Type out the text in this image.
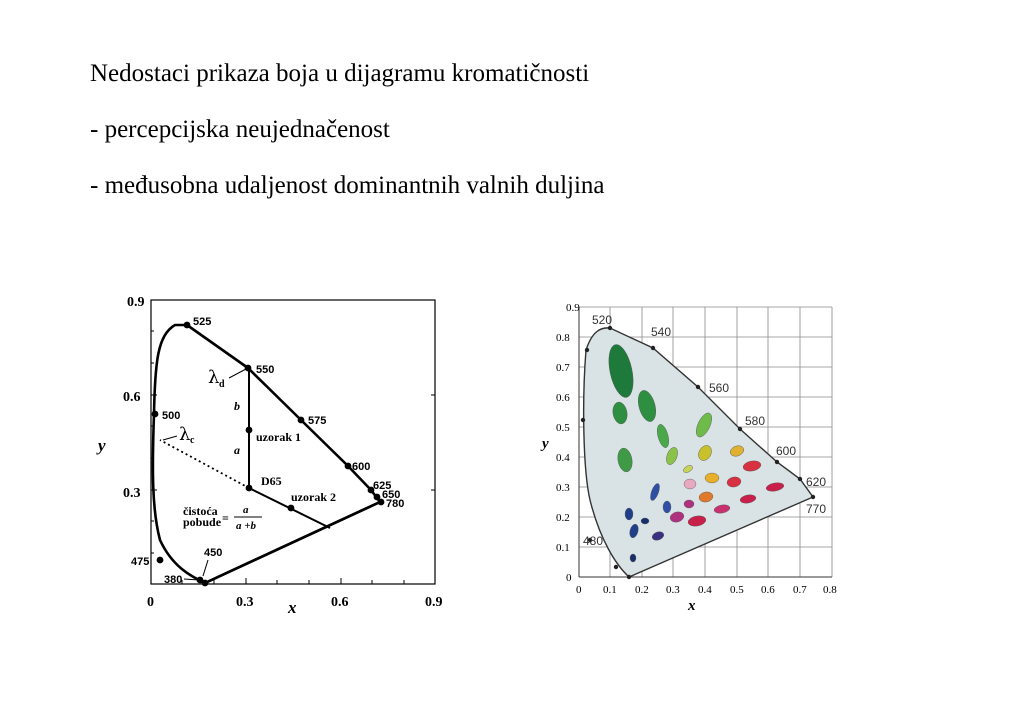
Nedostaci prikaza boja u dijagramu kromatičnosti
- percepcijska neujednačenost
- međusobna udaljenost dominantnih valnih duljina
0.9
0.6
0.3
0	0.3	0.6	0.9
x
y
525
550
575
500
600
625
650
780
475
450
380
λ d
λ c
b
a
uzorak 1
uzorak 2
D65
čistoća
pobude =
a
a +b
0.9
0.8
0.7
0.6
0.5
0.4
0.3
0.2
0.1
0
0 0.1 0.2 0.3 0.4 0.5 0.6 0.7 0.8
x
y
520
540
560
580
600
620
770
480
